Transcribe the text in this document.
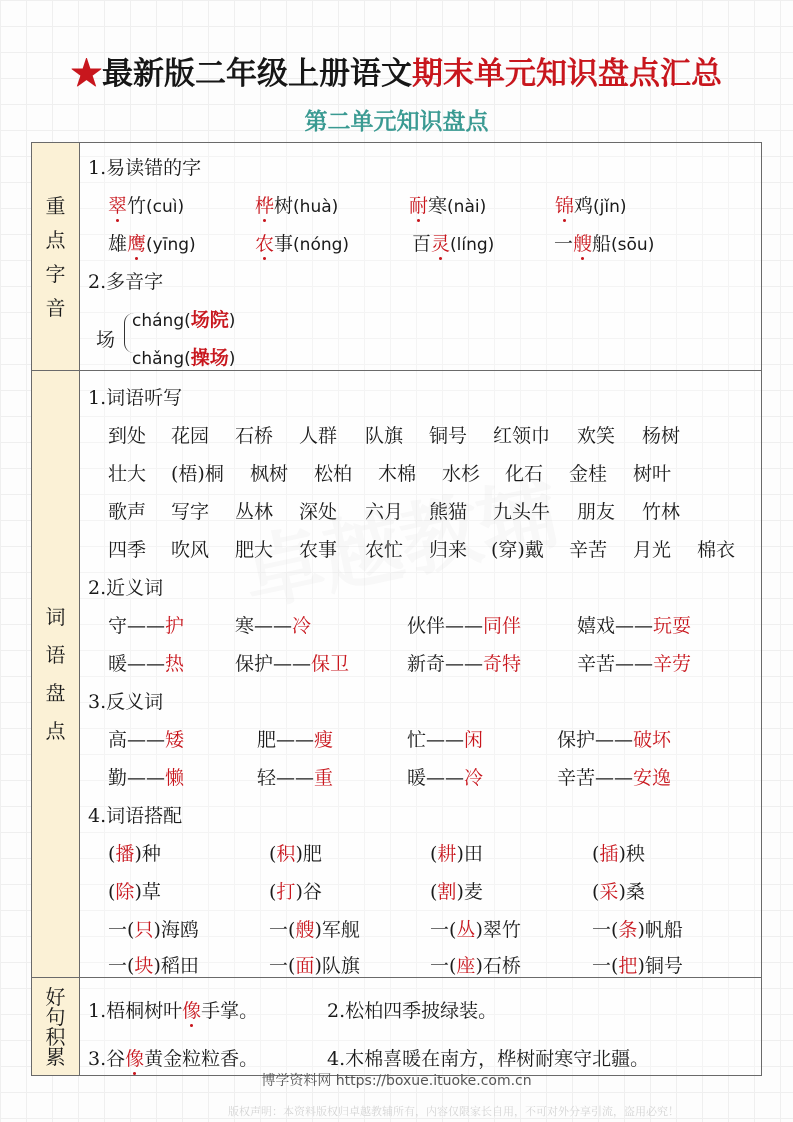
★最新版二年级上册语文期末单元知识盘点汇总
第二单元知识盘点
重
点
字
音
1.易读错的字
翠竹(cuì)	桦树(huà)	耐寒(nài)	锦鸡(jǐn)
雄鹰(yīng)	农事(nóng)	百灵(líng)	一艘船(sōu)
2.多音字
场
cháng(场院)
chǎng(操场)
词
语
盘
点
1.词语听写
到处 花园 石桥 人群 队旗 铜号 红领巾 欢笑 杨树
壮大 (梧)桐 枫树 松柏 木棉 水杉 化石 金桂 树叶
歌声 写字 丛林 深处 六月 熊猫 九头牛 朋友 竹林
四季 吹风 肥大 农事 农忙 归来 (穿)戴 辛苦 月光 棉衣
2.近义词
守——护	寒——冷	伙伴——同伴	嬉戏——玩耍
暖——热	保护——保卫	新奇——奇特	辛苦——辛劳
3.反义词
高——矮	肥——瘦	忙——闲	保护——破坏
勤——懒	轻——重	暖——冷	辛苦——安逸
4.词语搭配
(播)种	(积)肥	(耕)田	(插)秧
(除)草	(打)谷	(割)麦	(采)桑
一(只)海鸥	一(艘)军舰	一(丛)翠竹	一(条)帆船
一(块)稻田	一(面)队旗	一(座)石桥	一(把)铜号
好
句
积
累
1.梧桐树叶像手掌。	2.松柏四季披绿装。
3.谷像黄金粒粒香。	4.木棉喜暖在南方，桦树耐寒守北疆。
博学资料网 https://boxue.ituoke.com.cn
版权声明：本资料版权归卓越教辅所有，内容仅限家长自用，不可对外分享引流，盗用必究！
